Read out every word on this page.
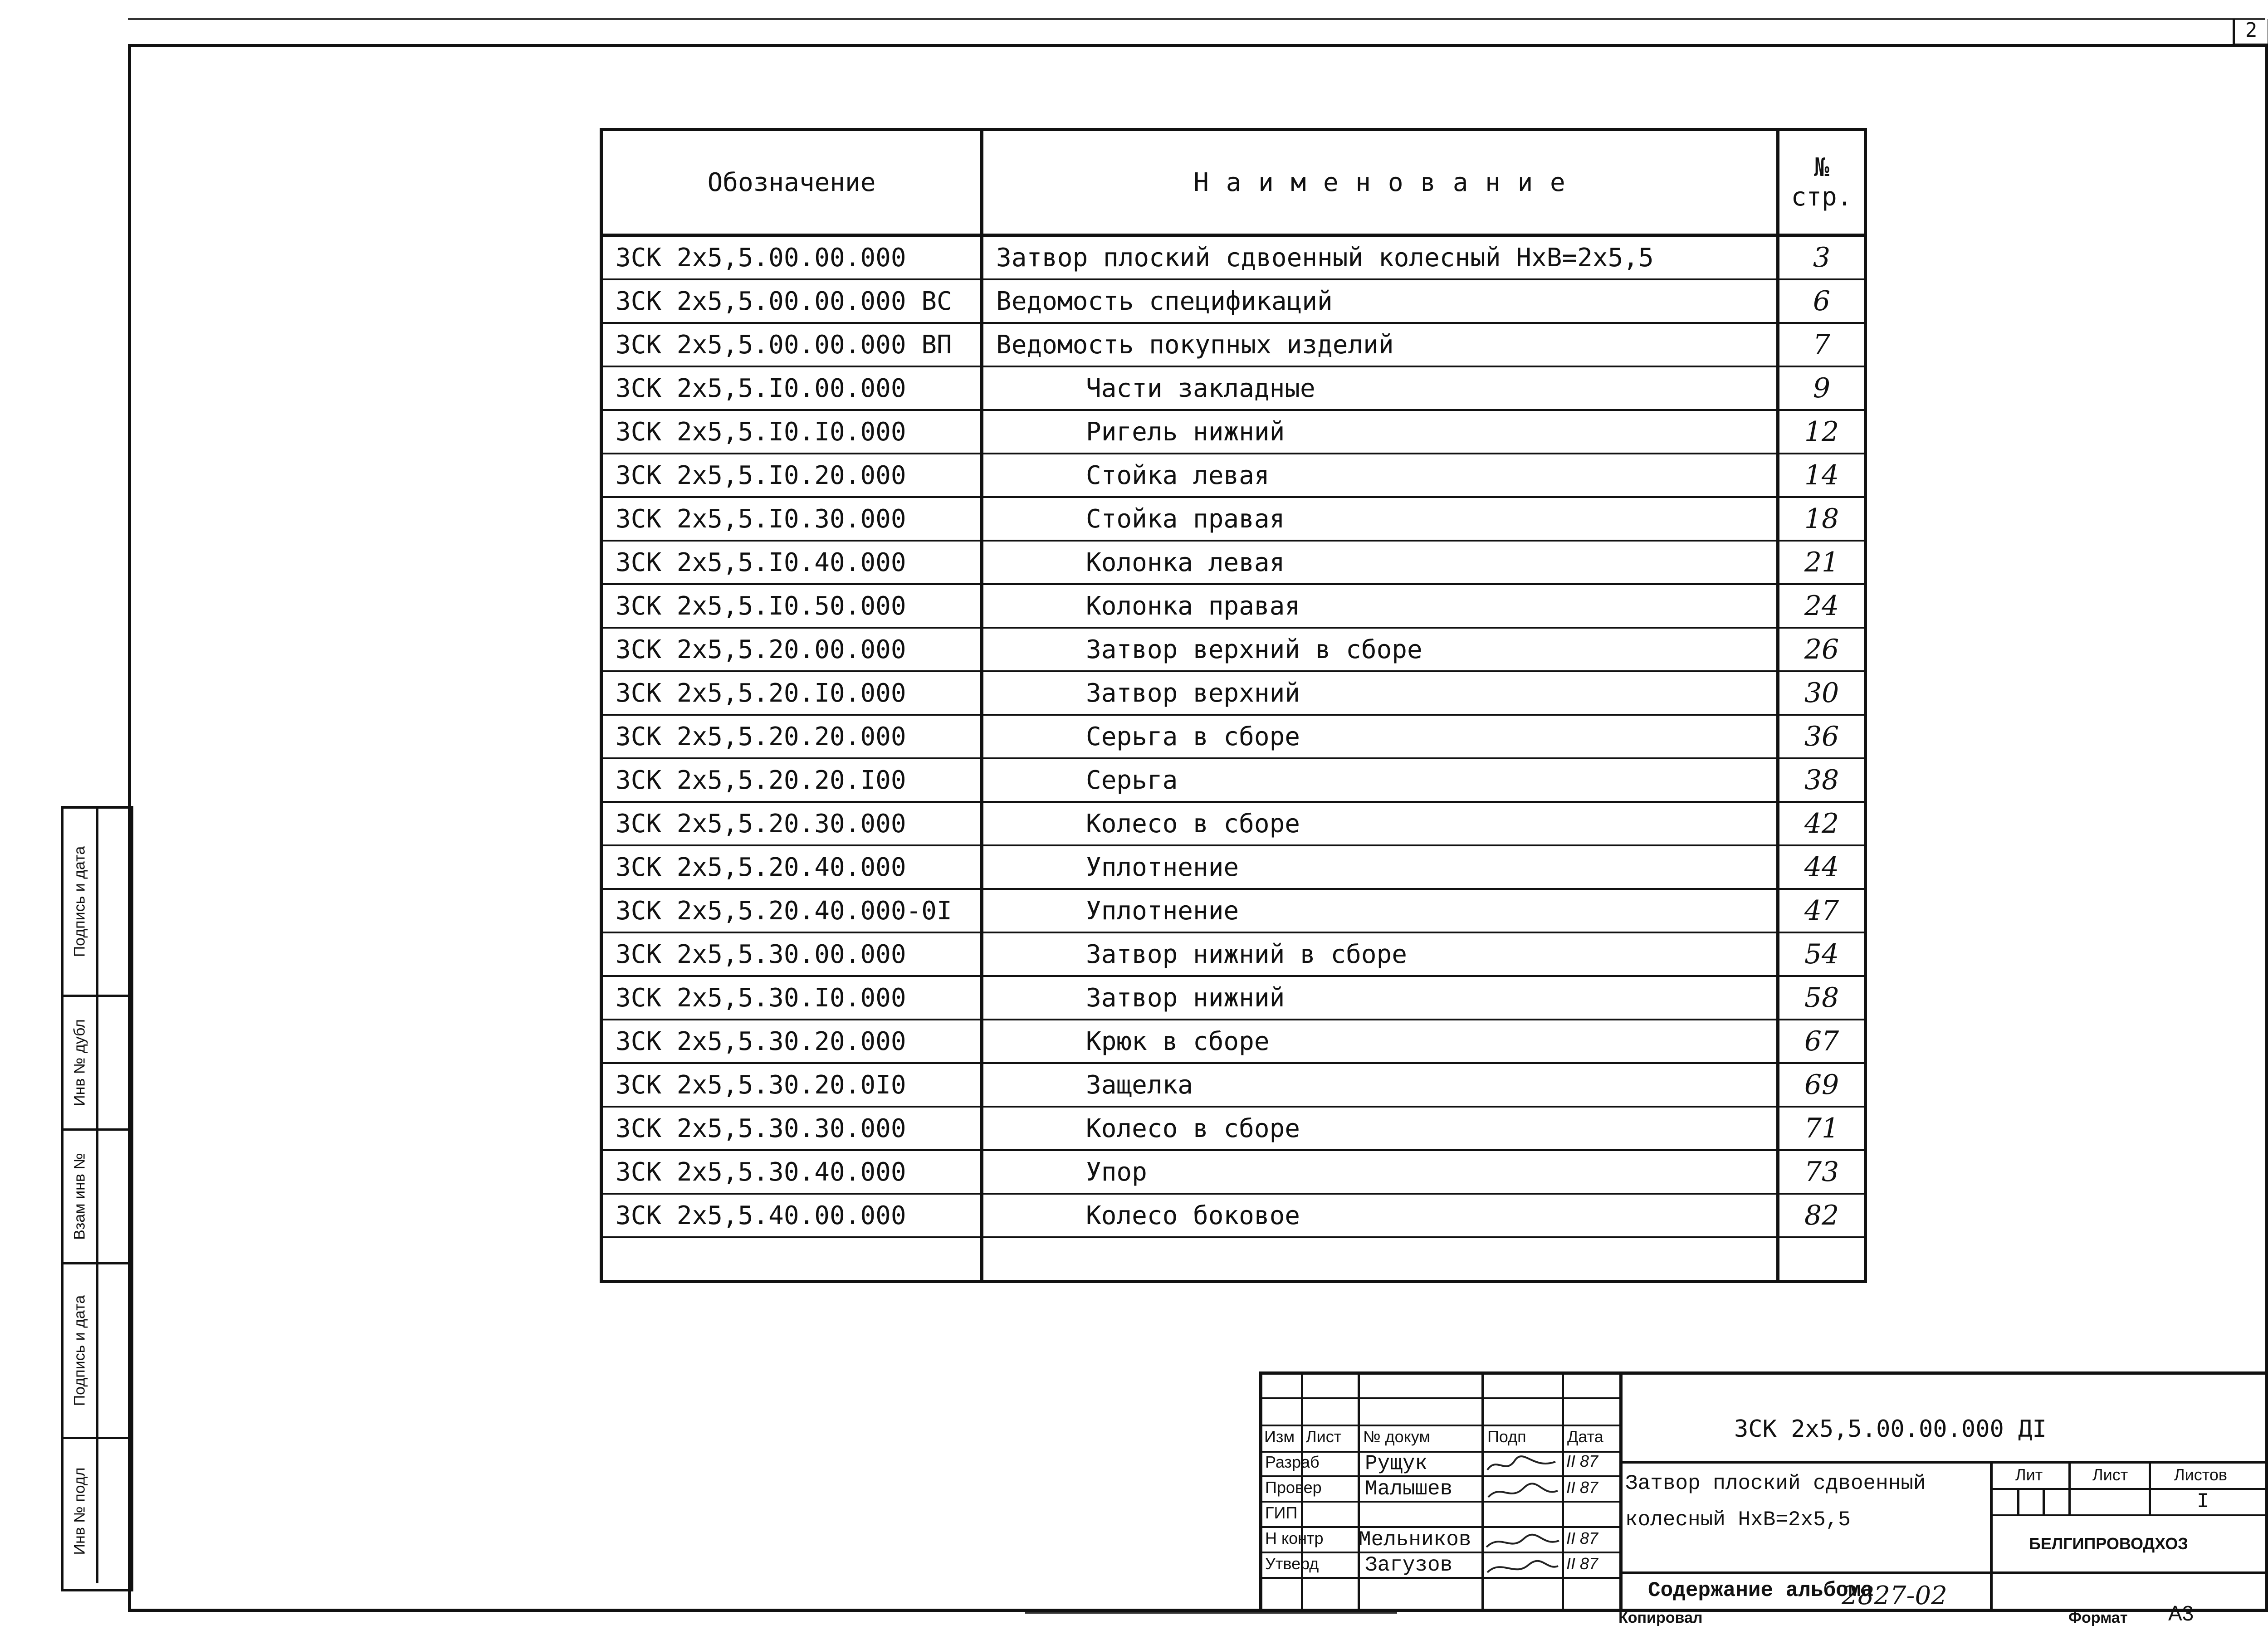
2
Подпись и дата
Инв № дубл
Взам инв №
Подпись и дата
Инв № подл
Обозначение	Н а и м е н о в а н и е	№
стр.

ЗСК 2х5,5.00.00.000	Затвор плоский сдвоенный колесный НхВ=2х5,5	3
ЗСК 2х5,5.00.00.000 ВС	Ведомость спецификаций	6
ЗСК 2х5,5.00.00.000 ВП	Ведомость покупных изделий	7
ЗСК 2х5,5.I0.00.000	Части закладные	9
ЗСК 2х5,5.I0.I0.000	Ригель нижний	12
ЗСК 2х5,5.I0.20.000	Стойка левая	14
ЗСК 2х5,5.I0.30.000	Стойка правая	18
ЗСК 2х5,5.I0.40.000	Колонка левая	21
ЗСК 2х5,5.I0.50.000	Колонка правая	24
ЗСК 2х5,5.20.00.000	Затвор верхний в сборе	26
ЗСК 2х5,5.20.I0.000	Затвор верхний	30
ЗСК 2х5,5.20.20.000	Серьга в сборе	36
ЗСК 2х5,5.20.20.I00	Серьга	38
ЗСК 2х5,5.20.30.000	Колесо в сборе	42
ЗСК 2х5,5.20.40.000	Уплотнение	44
ЗСК 2х5,5.20.40.000-0I	Уплотнение	47
ЗСК 2х5,5.30.00.000	Затвор нижний в сборе	54
ЗСК 2х5,5.30.I0.000	Затвор нижний	58
ЗСК 2х5,5.30.20.000	Крюк в сборе	67
ЗСК 2х5,5.30.20.0I0	Защелка	69
ЗСК 2х5,5.30.30.000	Колесо в сборе	71
ЗСК 2х5,5.30.40.000	Упор	73
ЗСК 2х5,5.40.00.000	Колесо боковое	82

Изм Лист № докум	Подп	Дата
Разраб Рущук	II 87
Провер Малышев	II 87
ГИП
Н контр Мельников	II 87
Утверд Загузов	II 87
ЗСК 2х5,5.00.00.000 ДI
Затвор плоский сдвоенный
колесный НхВ=2х5,5
Содержание альбома
Лит	Лист	Листов
I
БЕЛГИПРОВОДХОЗ
Копировал
2827-02
Формат А3
